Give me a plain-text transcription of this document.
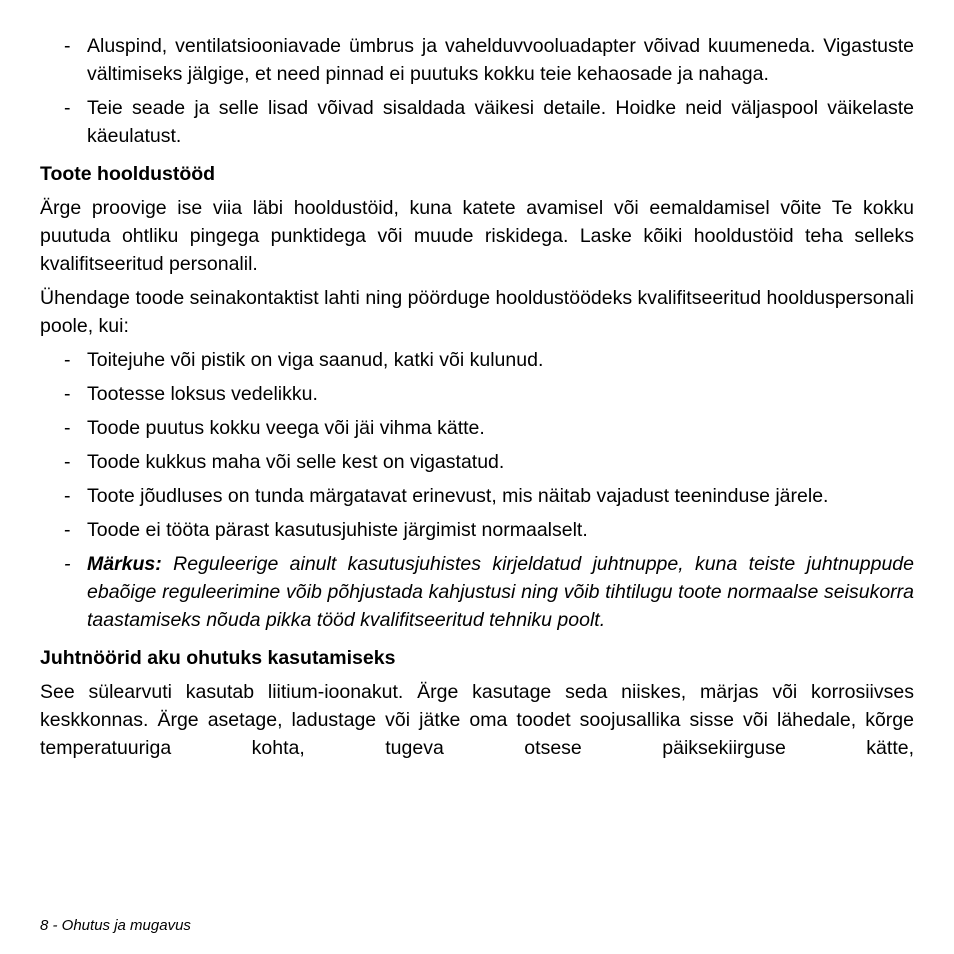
- Aluspind, ventilatsiooniavade ümbrus ja vahelduvvooluadapter võivad kuumeneda. Vigastuste vältimiseks jälgige, et need pinnad ei puutuks kokku teie kehaosade ja nahaga.
- Teie seade ja selle lisad võivad sisaldada väikesi detaile. Hoidke neid väljaspool väikelaste käeulatust.
Toote hooldustööd
Ärge proovige ise viia läbi hooldustöid, kuna katete avamisel või eemaldamisel võite Te kokku puutuda ohtliku pingega punktidega või muude riskidega. Laske kõiki hooldustöid teha selleks kvalifitseeritud personalil.
Ühendage toode seinakontaktist lahti ning pöörduge hooldustöödeks kvalifitseeritud hoolduspersonali poole, kui:
- Toitejuhe või pistik on viga saanud, katki või kulunud.
- Tootesse loksus vedelikku.
- Toode puutus kokku veega või jäi vihma kätte.
- Toode kukkus maha või selle kest on vigastatud.
- Toote jõudluses on tunda märgatavat erinevust, mis näitab vajadust teeninduse järele.
- Toode ei tööta pärast kasutusjuhiste järgimist normaalselt.
- Märkus: Reguleerige ainult kasutusjuhistes kirjeldatud juhtnuppe, kuna teiste juhtnuppude ebaõige reguleerimine võib põhjustada kahjustusi ning võib tihtilugu toote normaalse seisukorra taastamiseks nõuda pikka tööd kvalifitseeritud tehniku poolt.
Juhtnöörid aku ohutuks kasutamiseks
See sülearvuti kasutab liitium-ioonakut. Ärge kasutage seda niiskes, märjas või korrosiivses keskkonnas. Ärge asetage, ladustage või jätke oma toodet soojusallika sisse või lähedale, kõrge temperatuuriga kohta, tugeva otsese päiksekiirguse kätte,
8 - Ohutus ja mugavus
